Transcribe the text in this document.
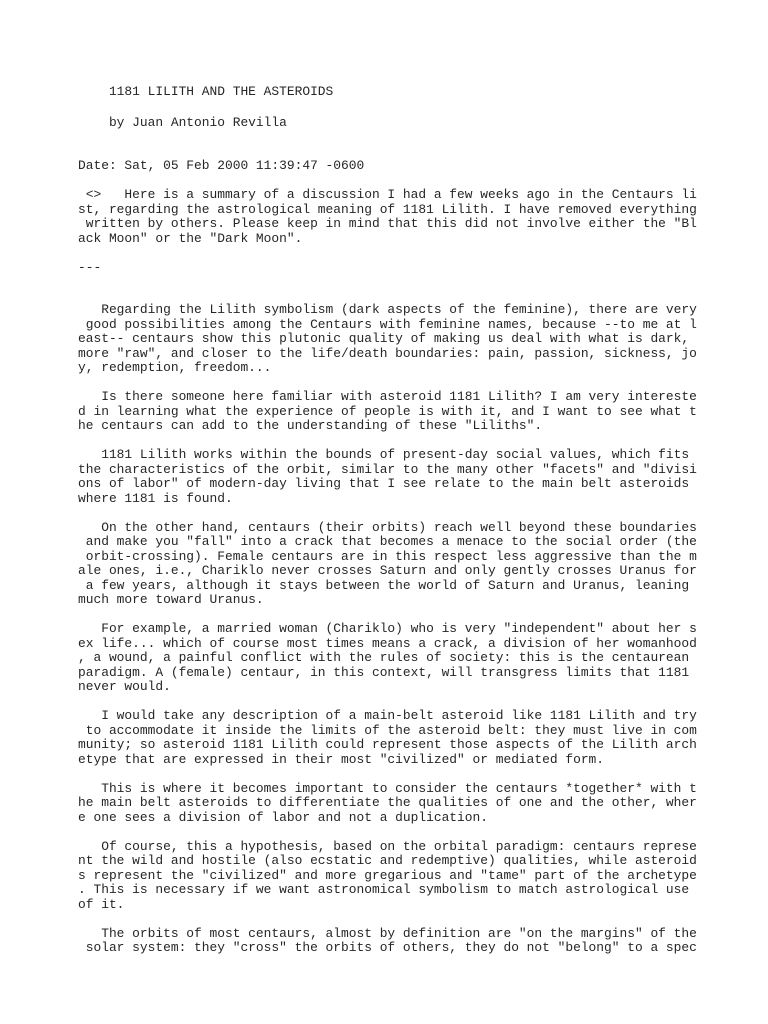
1181 LILITH AND THE ASTEROIDS
by Juan Antonio Revilla
Date: Sat, 05 Feb 2000 11:39:47 -0600
<>   Here is a summary of a discussion I had a few weeks ago in the Centaurs li
st, regarding the astrological meaning of 1181 Lilith. I have removed everything
written by others. Please keep in mind that this did not involve either the "Bl
ack Moon" or the "Dark Moon".
---
Regarding the Lilith symbolism (dark aspects of the feminine), there are very
good possibilities among the Centaurs with feminine names, because --to me at l
east-- centaurs show this plutonic quality of making us deal with what is dark,
more "raw", and closer to the life/death boundaries: pain, passion, sickness, jo
y, redemption, freedom...
Is there someone here familiar with asteroid 1181 Lilith? I am very intereste
d in learning what the experience of people is with it, and I want to see what t
he centaurs can add to the understanding of these "Liliths".
1181 Lilith works within the bounds of present-day social values, which fits
the characteristics of the orbit, similar to the many other "facets" and "divisi
ons of labor" of modern-day living that I see relate to the main belt asteroids
where 1181 is found.
On the other hand, centaurs (their orbits) reach well beyond these boundaries
and make you "fall" into a crack that becomes a menace to the social order (the
orbit-crossing). Female centaurs are in this respect less aggressive than the m
ale ones, i.e., Chariklo never crosses Saturn and only gently crosses Uranus for
a few years, although it stays between the world of Saturn and Uranus, leaning
much more toward Uranus.
For example, a married woman (Chariklo) who is very "independent" about her s
ex life... which of course most times means a crack, a division of her womanhood
, a wound, a painful conflict with the rules of society: this is the centaurean
paradigm. A (female) centaur, in this context, will transgress limits that 1181
never would.
I would take any description of a main-belt asteroid like 1181 Lilith and try
to accommodate it inside the limits of the asteroid belt: they must live in com
munity; so asteroid 1181 Lilith could represent those aspects of the Lilith arch
etype that are expressed in their most "civilized" or mediated form.
This is where it becomes important to consider the centaurs *together* with t
he main belt asteroids to differentiate the qualities of one and the other, wher
e one sees a division of labor and not a duplication.
Of course, this a hypothesis, based on the orbital paradigm: centaurs represe
nt the wild and hostile (also ecstatic and redemptive) qualities, while asteroid
s represent the "civilized" and more gregarious and "tame" part of the archetype
. This is necessary if we want astronomical symbolism to match astrological use
of it.
The orbits of most centaurs, almost by definition are "on the margins" of the
solar system: they "cross" the orbits of others, they do not "belong" to a spec
